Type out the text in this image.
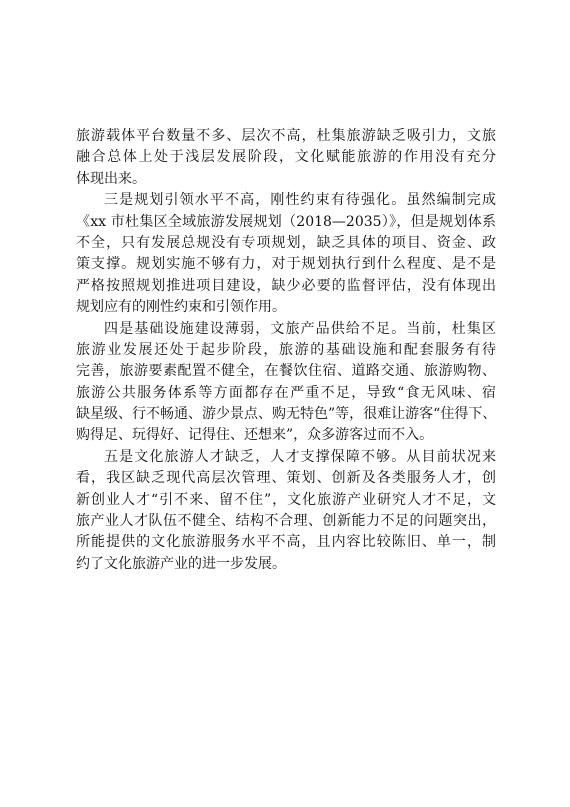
旅游载体平台数量不多、层次不高，杜集旅游缺乏吸引力，文旅
融合总体上处于浅层发展阶段，文化赋能旅游的作用没有充分
体现出来。
三是规划引领水平不高，刚性约束有待强化。虽然编制完成
《xx 市杜集区全域旅游发展规划（2018—2035）》，但是规划体系
不全，只有发展总规没有专项规划，缺乏具体的项目、资金、政
策支撑。规划实施不够有力，对于规划执行到什么程度、是不是
严格按照规划推进项目建设，缺少必要的监督评估，没有体现出
规划应有的刚性约束和引领作用。
四是基础设施建设薄弱，文旅产品供给不足。当前，杜集区
旅游业发展还处于起步阶段，旅游的基础设施和配套服务有待
完善，旅游要素配置不健全，在餐饮住宿、道路交通、旅游购物、
旅游公共服务体系等方面都存在严重不足，导致“食无风味、宿
缺星级、行不畅通、游少景点、购无特色”等，很难让游客“住得下、
购得足、玩得好、记得住、还想来”，众多游客过而不入。
五是文化旅游人才缺乏，人才支撑保障不够。从目前状况来
看，我区缺乏现代高层次管理、策划、创新及各类服务人才，创
新创业人才“引不来、留不住”，文化旅游产业研究人才不足，文
旅产业人才队伍不健全、结构不合理、创新能力不足的问题突出，
所能提供的文化旅游服务水平不高，且内容比较陈旧、单一，制
约了文化旅游产业的进一步发展。
